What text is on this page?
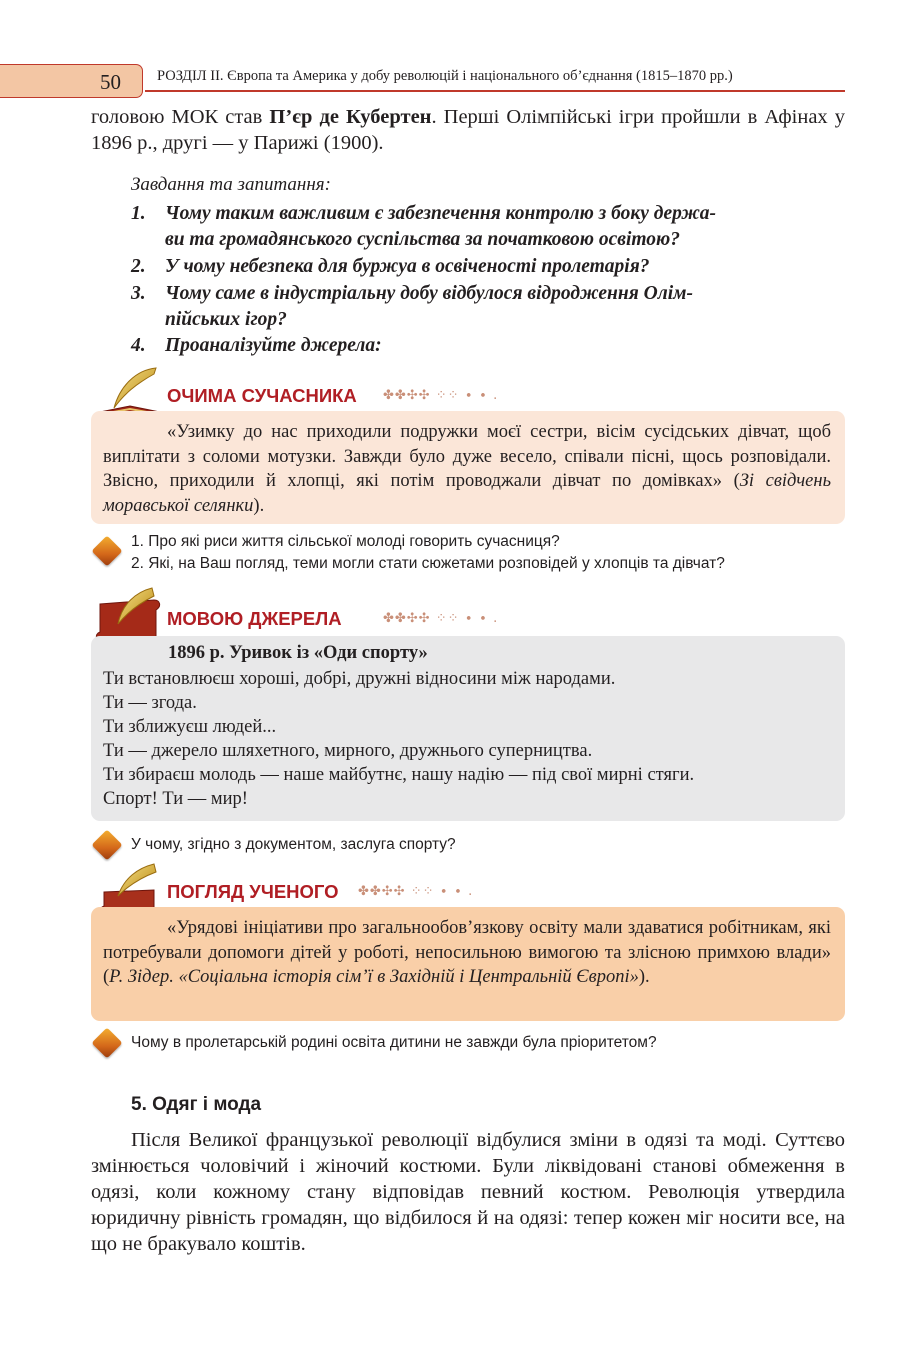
50 РОЗДІЛ ІІ. Європа та Америка у добу революцій і національного об’єднання (1815–1870 рр.)
головою МОК став П’єр де Кубертен. Перші Олімпійські ігри пройшли в Афінах у 1896 р., другі — у Парижі (1900).
Завдання та запитання:
1. Чому таким важливим є забезпечення контролю з боку держа-
ви та громадянського суспільства за початковою освітою?
2. У чому небезпека для буржуа в освіченості пролетарія?
3. Чому саме в індустріальну добу відбулося відродження Олім-
пійських ігор?
4. Проаналізуйте джерела:
ОЧИМА СУЧАСНИКА ✤✤✣✣ ⁘⁘ ∙ ∙ .
«Узимку до нас приходили подружки моєї сестри, вісім сусідських дівчат, щоб виплітати з соломи мотузки. Завжди було дуже весело, співали пісні, щось розповідали. Звісно, приходили й хлопці, які потім проводжали дівчат по домівках» (Зі свідчень моравської селянки).
1. Про які риси життя сільської молоді говорить сучасниця?
2. Які, на Ваш погляд, теми могли стати сюжетами розповідей у хлопців та дівчат?
МОВОЮ ДЖЕРЕЛА	✤✤✣✣ ⁘⁘ ∙ ∙ .
1896 р. Уривок із «Оди спорту»
Ти встановлюєш хороші, добрі, дружні відносини між народами.
Ти — згода.
Ти зближуєш людей...
Ти — джерело шляхетного, мирного, дружнього суперництва.
Ти збираєш молодь — наше майбутнє, нашу надію — під свої мирні стяги.
Спорт! Ти — мир!
У чому, згідно з документом, заслуга спорту?
ПОГЛЯД УЧЕНОГО ✤✤✣✣ ⁘⁘ ∙ ∙ .
«Урядові ініціативи про загальнообов’язкову освіту мали здаватися робітникам, які потребували допомоги дітей у роботі, непосильною вимогою та злісною примхою влади» (Р. Зідер. «Соціальна історія сім’ї в Західній і Центральній Європі»).
Чому в пролетарській родині освіта дитини не завжди була пріоритетом?
5. Одяг і мода
Після Великої французької революції відбулися зміни в одязі та моді. Суттєво змінюється чоловічий і жіночий костюми. Були ліквідовані станові обмеження в одязі, коли кожному стану відповідав певний костюм. Революція утвердила юридичну рівність громадян, що відбилося й на одязі: тепер кожен міг носити все, на що не бракувало коштів.
